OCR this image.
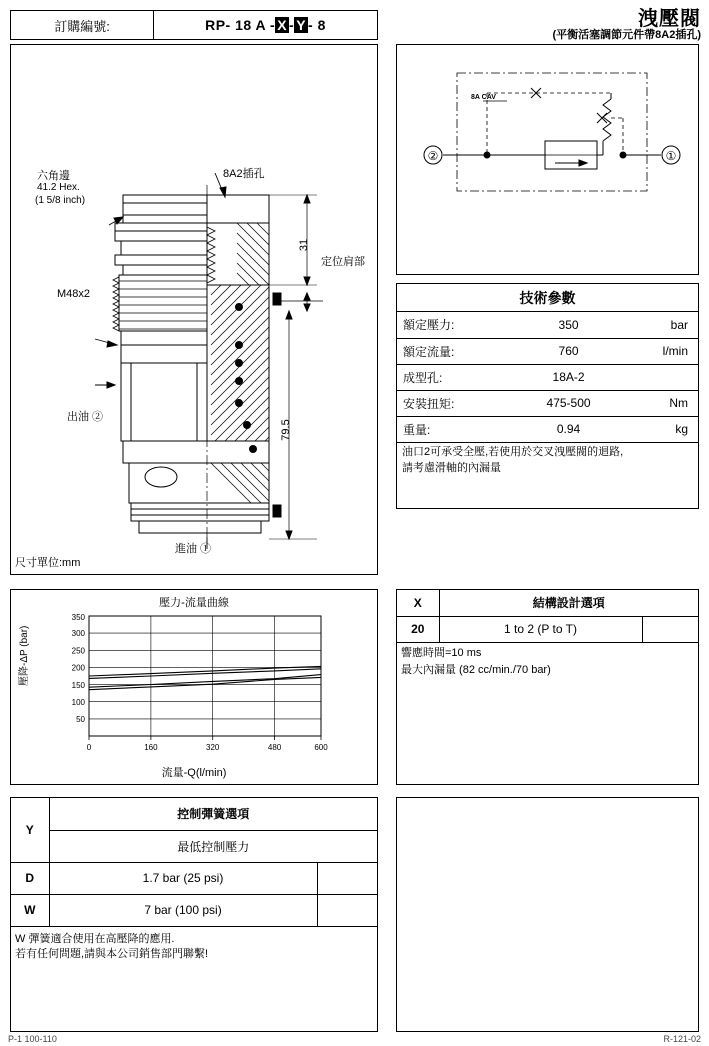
洩壓閥
(平衡活塞調節元件帶8A2插孔)
訂購編號:	RP- 18 A - X - Y - 8
31
79.5
8A2插孔
六角邊
41.2 Hex.
(1 5/8 inch)
M48x2
出油 ②
進油 ①
定位肩部
尺寸單位:mm
②	①
8A CAV
技術參數
額定壓力:	350	bar
額定流量:	760	l/min
成型孔:	18A-2	
安裝扭矩:	475-500	Nm
重量:	0.94	kg
油口2可承受全壓,若使用於交叉洩壓閥的迴路,
請考慮滑軸的內漏量
壓力-流量曲線
壓降-ΔP (bar)
50
100
150
200
250
300
350
0	160	320	480	600
流量-Q(l/min)
X	結構設計選項	
20	1 to 2 (P to T)	
響應時間=10 ms
最大內漏量 (82 cc/min./70 bar)
Y	控制彈簧選項	
	最低控制壓力	
D	1.7 bar (25 psi)	
W	7 bar (100 psi)	
W 彈簧適合使用在高壓降的應用.
若有任何問題,請與本公司銷售部門聯繫!
P-1 100-110	R-121-02
